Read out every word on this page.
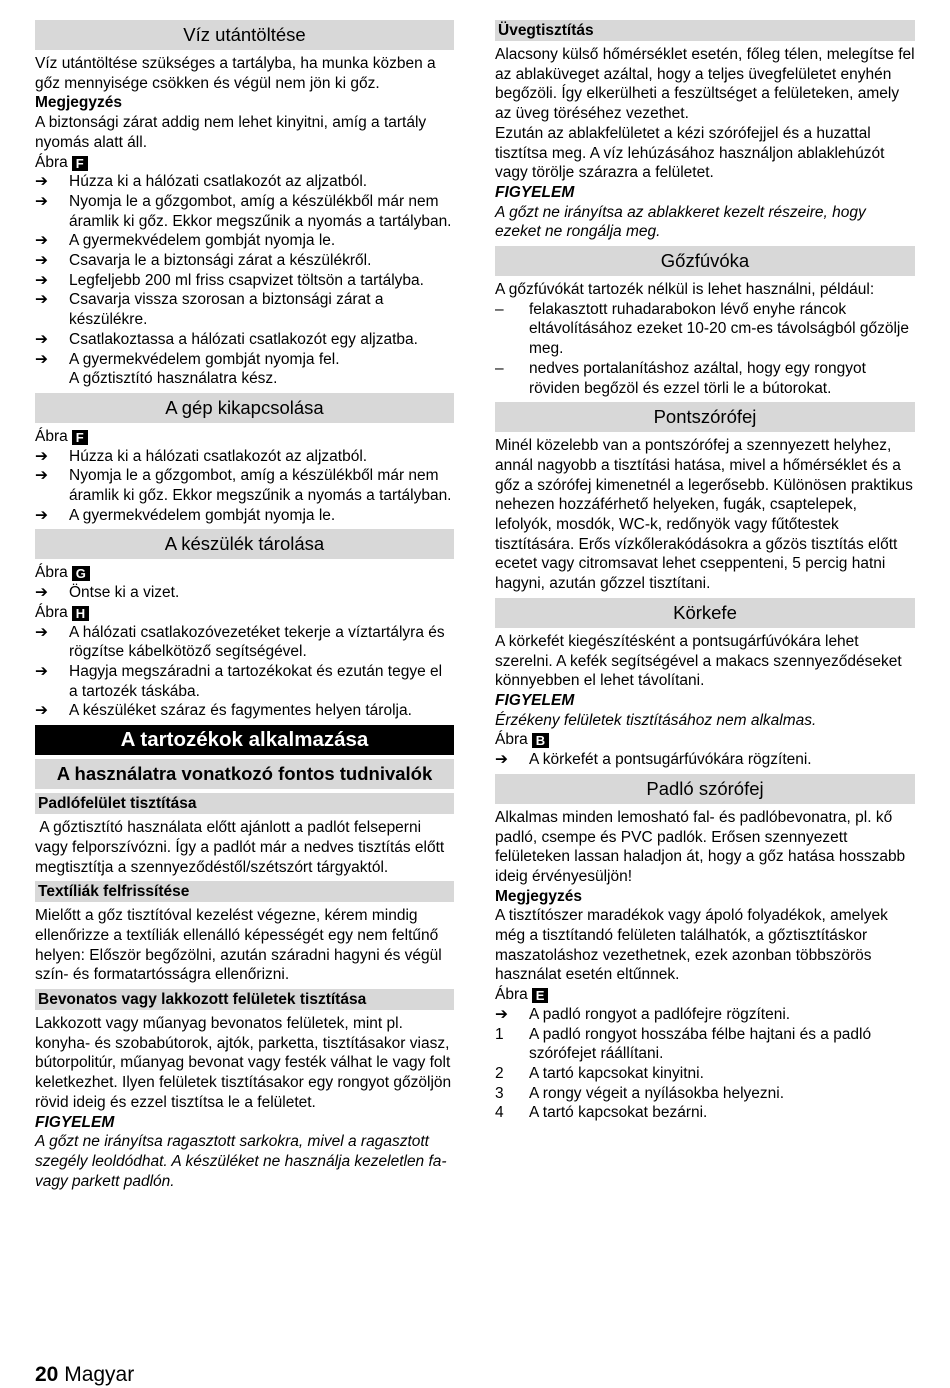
Víz utántöltése

Víz utántöltése szükséges a tartályba, ha munka közben a gőz mennyisége csökken és végül nem jön ki gőz.

Megjegyzés

A biztonsági zárat addig nem lehet kinyitni, amíg a tartály nyomás alatt áll.

Ábra F

➔	Húzza ki a hálózati csatlakozót az aljzatból.
➔	Nyomja le a gőzgombot, amíg a készülékből már nem áramlik ki gőz. Ekkor megszűnik a nyomás a tartályban.
➔	A gyermekvédelem gombját nyomja le.
➔	Csavarja le a biztonsági zárat a készülékről.
➔	Legfeljebb 200 ml friss csapvizet töltsön a tartályba.
➔	Csavarja vissza szorosan a biztonsági zárat a készülékre.
➔	Csatlakoztassa a hálózati csatlakozót egy aljzatba.
➔	A gyermekvédelem gombját nyomja fel.

A gőztisztító használatra kész.

A gép kikapcsolása

Ábra F

➔	Húzza ki a hálózati csatlakozót az aljzatból.
➔	Nyomja le a gőzgombot, amíg a készülékből már nem áramlik ki gőz. Ekkor megszűnik a nyomás a tartályban.
➔	A gyermekvédelem gombját nyomja le.
A készülék tárolása

Ábra G

➔	Öntse ki a vizet.

Ábra H

➔	A hálózati csatlakozóvezetéket tekerje a víztartályra és rögzítse kábelkötöző segítségével.
➔	Hagyja megszáradni a tartozékokat és ezután tegye el a tartozék táskába.
➔	A készüléket száraz és fagymentes helyen tárolja.
A tartozékok alkalmazása
A használatra vonatkozó fontos tudnivalók
Padlófelület tisztítása

A gőztisztító használata előtt ajánlott a padlót felseperni vagy felporszívózni. Így a padlót már a nedves tisztítás előtt megtisztítja a szennyeződéstől/szétszórt tárgyaktól.

Textíliák felfrissítése

Mielőtt a gőz tisztítóval kezelést végezne, kérem mindig ellenőrizze a textíliák ellenálló képességét egy nem feltűnő helyen: Először begőzölni, azután száradni hagyni és végül szín- és formatartósságra ellenőrizni.

Bevonatos vagy lakkozott felületek tisztítása

Lakkozott vagy műanyag bevonatos felületek, mint pl. konyha- és szobabútorok, ajtók, parketta, tisztításakor viasz, bútorpolitúr, műanyag bevonat vagy festék válhat le vagy folt keletkezhet. Ilyen felületek tisztításakor egy rongyot gőzöljön rövid ideig és ezzel tisztítsa le a felületet.

FIGYELEM

A gőzt ne irányítsa ragasztott sarkokra, mivel a ragasztott szegély leoldódhat. A készüléket ne használja kezeletlen fa- vagy parkett padlón.

Üvegtisztítás

Alacsony külső hőmérséklet esetén, főleg télen, melegítse fel az ablaküveget azáltal, hogy a teljes üvegfelületet enyhén begőzöli. Így elkerülheti a feszültséget a felületeken, amely az üveg töréséhez vezethet.

Ezután az ablakfelületet a kézi szórófejjel és a huzattal tisztítsa meg. A víz lehúzásához használjon ablaklehúzót vagy törölje szárazra a felületet.

FIGYELEM

A gőzt ne irányítsa az ablakkeret kezelt részeire, hogy ezeket ne rongálja meg.

Gőzfúvóka

A gőzfúvókát tartozék nélkül is lehet használni, például:

–	felakasztott ruhadarabokon lévő enyhe ráncok eltávolításához ezeket 10-20 cm-es távolságból gőzölje meg.
–	nedves portalanításhoz azáltal, hogy egy rongyot röviden begőzöl és ezzel törli le a bútorokat.
Pontszórófej

Minél közelebb van a pontszórófej a szennyezett helyhez, annál nagyobb a tisztítási hatása, mivel a hőmérséklet és a gőz a szórófej kimenetnél a legerősebb. Különösen praktikus nehezen hozzáférhető helyeken, fugák, csaptelepek, lefolyók, mosdók, WC-k, redőnyök vagy fűtőtestek tisztítására. Erős vízkőlerakódásokra a gőzös tisztítás előtt ecetet vagy citromsavat lehet cseppenteni, 5 percig hatni hagyni, azután gőzzel tisztítani.

Körkefe

A körkefét kiegészítésként a pontsugárfúvókára lehet szerelni. A kefék segítségével a makacs szennyeződéseket könnyebben el lehet távolítani.

FIGYELEM

Érzékeny felületek tisztításához nem alkalmas.

Ábra B

➔	A körkefét a pontsugárfúvókára rögzíteni.
Padló szórófej

Alkalmas minden lemosható fal- és padlóbevonatra, pl. kő padló, csempe és PVC padlók. Erősen szennyezett felületeken lassan haladjon át, hogy a gőz hatása hosszabb ideig érvényesüljön!

Megjegyzés

A tisztítószer maradékok vagy ápoló folyadékok, amelyek még a tisztítandó felületen találhatók, a gőztisztításkor maszatoláshoz vezethetnek, ezek azonban többszörös használat esetén eltűnnek.

Ábra E

➔	A padló rongyot a padlófejre rögzíteni.
1	A padló rongyot hosszába félbe hajtani és a padló szórófejet ráállítani.
2	A tartó kapcsokat kinyitni.
3	A rongy végeit a nyílásokba helyezni.
4	A tartó kapcsokat bezárni.
20 Magyar
